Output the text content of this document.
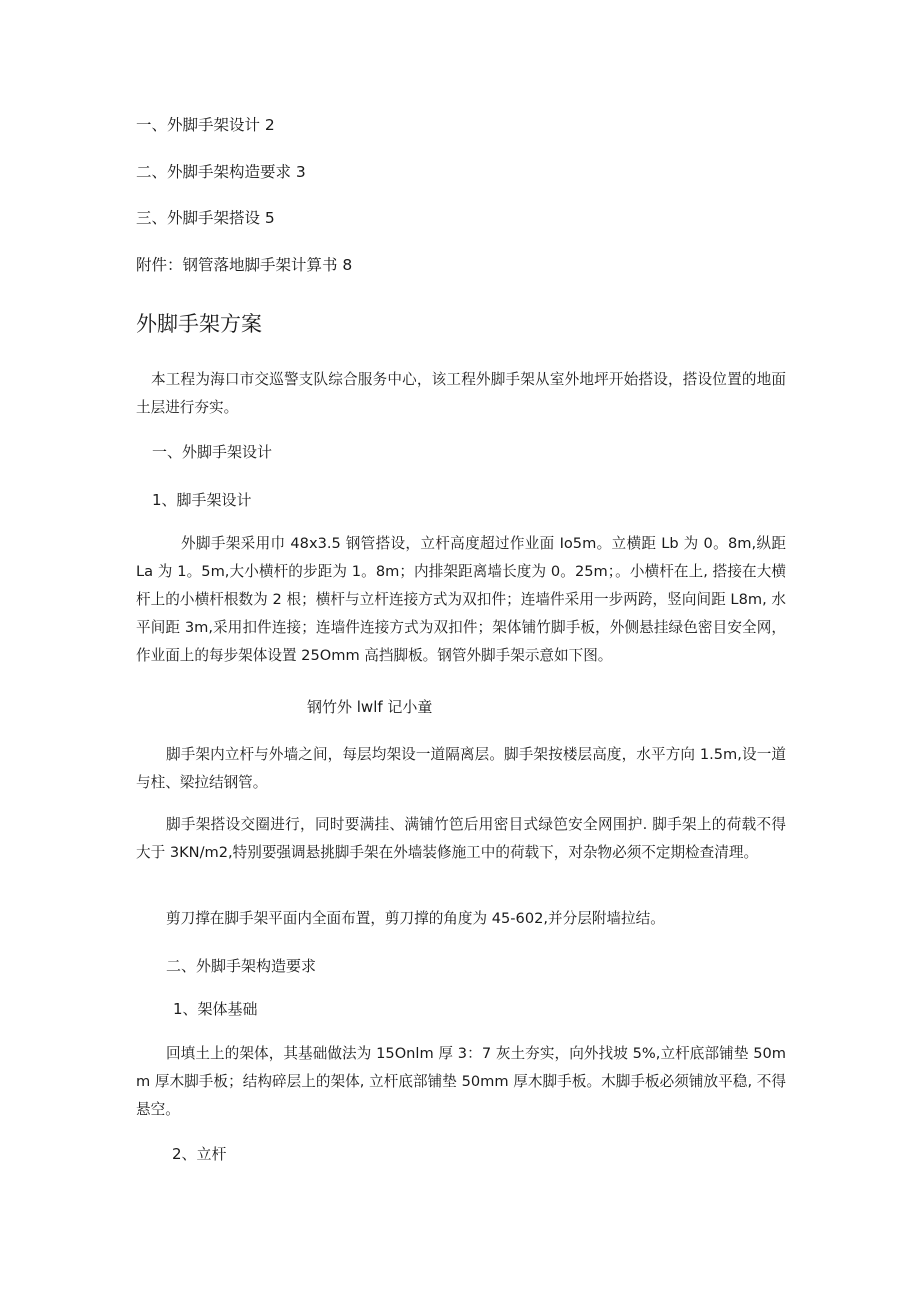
一、外脚手架设计 2
二、外脚手架构造要求 3
三、外脚手架搭设 5
附件：钢管落地脚手架计算书 8
外脚手架方案
本工程为海口市交巡警支队综合服务中心，该工程外脚手架从室外地坪开始搭设，搭设位置的地面土层进行夯实。
一、外脚手架设计
1、脚手架设计
外脚手架采用巾 48x3.5 钢管搭设，立杆高度超过作业面 Io5m。立横距 Lb 为 0。8m,纵距 La 为 1。5m,大小横杆的步距为 1。8m；内排架距离墙长度为 0。25m；。小横杆在上, 搭接在大横杆上的小横杆根数为 2 根；横杆与立杆连接方式为双扣件；连墙件采用一步两跨，竖向间距 L8m, 水平间距 3m,采用扣件连接；连墙件连接方式为双扣件；架体铺竹脚手板，外侧悬挂绿色密目安全网，作业面上的每步架体设置 25Omm 高挡脚板。钢管外脚手架示意如下图。
钢竹外 lwlf 记小童
脚手架内立杆与外墙之间，每层均架设一道隔离层。脚手架按楼层高度，水平方向 1.5m,设一道与柱、梁拉结钢管。
脚手架搭设交圈进行，同时要满挂、满铺竹笆后用密目式绿笆安全网围护. 脚手架上的荷载不得大于 3KN∕m2,特别要强调悬挑脚手架在外墙装修施工中的荷载下，对杂物必须不定期检查清理。
剪刀撑在脚手架平面内全面布置，剪刀撑的角度为 45-602,并分层附墙拉结。
二、外脚手架构造要求
1、架体基础
回填土上的架体，其基础做法为 15Onlm 厚 3：7 灰土夯实，向外找坡 5%,立杆底部铺垫 50mm 厚木脚手板；结构碎层上的架体, 立杆底部铺垫 50mm 厚木脚手板。木脚手板必须铺放平稳, 不得悬空。
2、立杆
